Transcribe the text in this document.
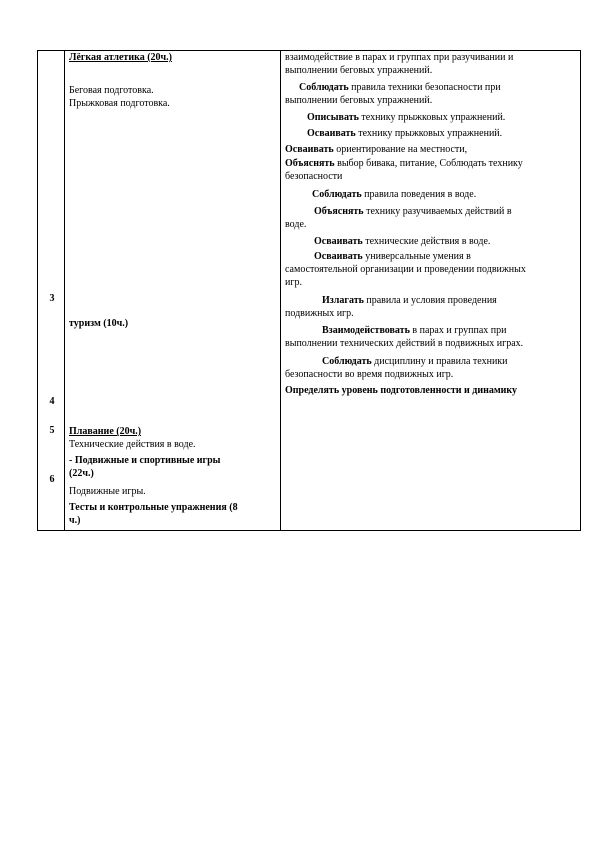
3
4
5
6
Лёгкая атлетика (20ч.)
Беговая подготовка.
Прыжковая подготовка.
туризм (10ч.)
Плавание (20ч.)
Технические действия в воде.
- Подвижные и спортивные игры
(22ч.)
Подвижные игры.
Тесты и контрольные упражнения (8
ч.)
взаимодействие в парах и группах при разучивании и
выполнении беговых упражнений.
Соблюдать правила техники безопасности при
выполнении беговых упражнений.
Описывать технику прыжковых упражнений.
Осваивать технику прыжковых упражнений.
Осваивать ориентирование на местности,
Объяснять выбор бивака, питание, Соблюдать технику
безопасности
Соблюдать правила поведения в воде.
Объяснять технику разучиваемых действий в
воде.
Осваивать технические действия в воде.
Осваивать универсальные умения в
самостоятельной организации и проведении подвижных
игр.
Излагать правила и условия проведения
подвижных игр.
Взаимодействовать в парах и группах при
выполнении технических действий в подвижных играх.
Соблюдать дисциплину и правила техники
безопасности во время подвижных игр.
Определять уровень подготовленности и динамику
